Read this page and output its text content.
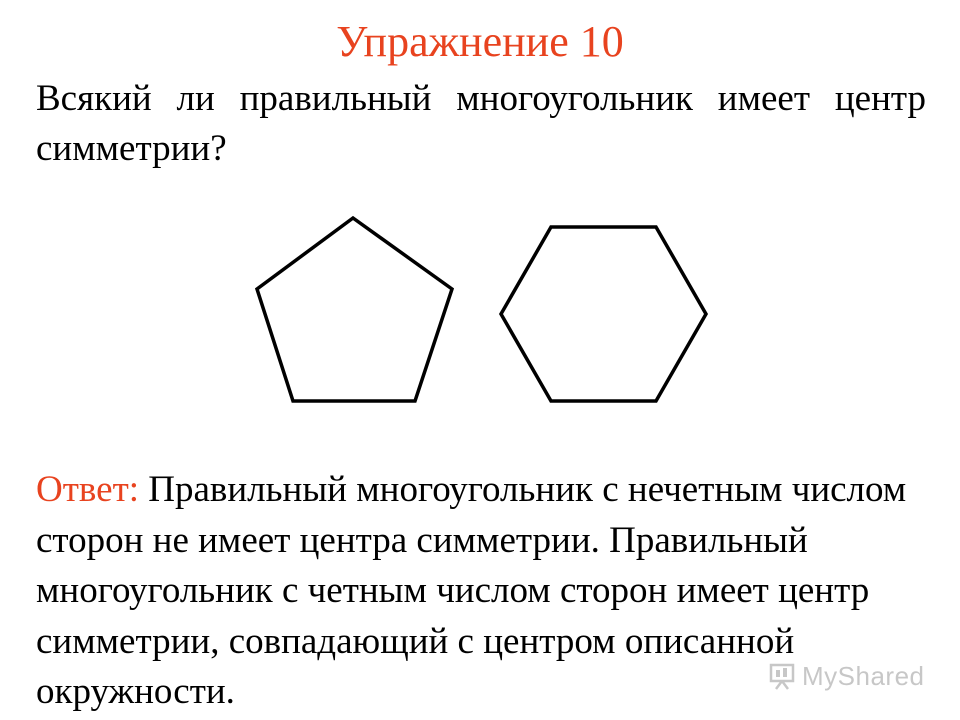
Упражнение 10
Всякий ли правильный многоугольник имеет центр симметрии?
Ответ: Правильный многоугольник с нечетным числом сторон не имеет центра симметрии. Правильный многоугольник с четным числом сторон имеет центр симметрии, совпадающий с центром описанной окружности.	MyShared
